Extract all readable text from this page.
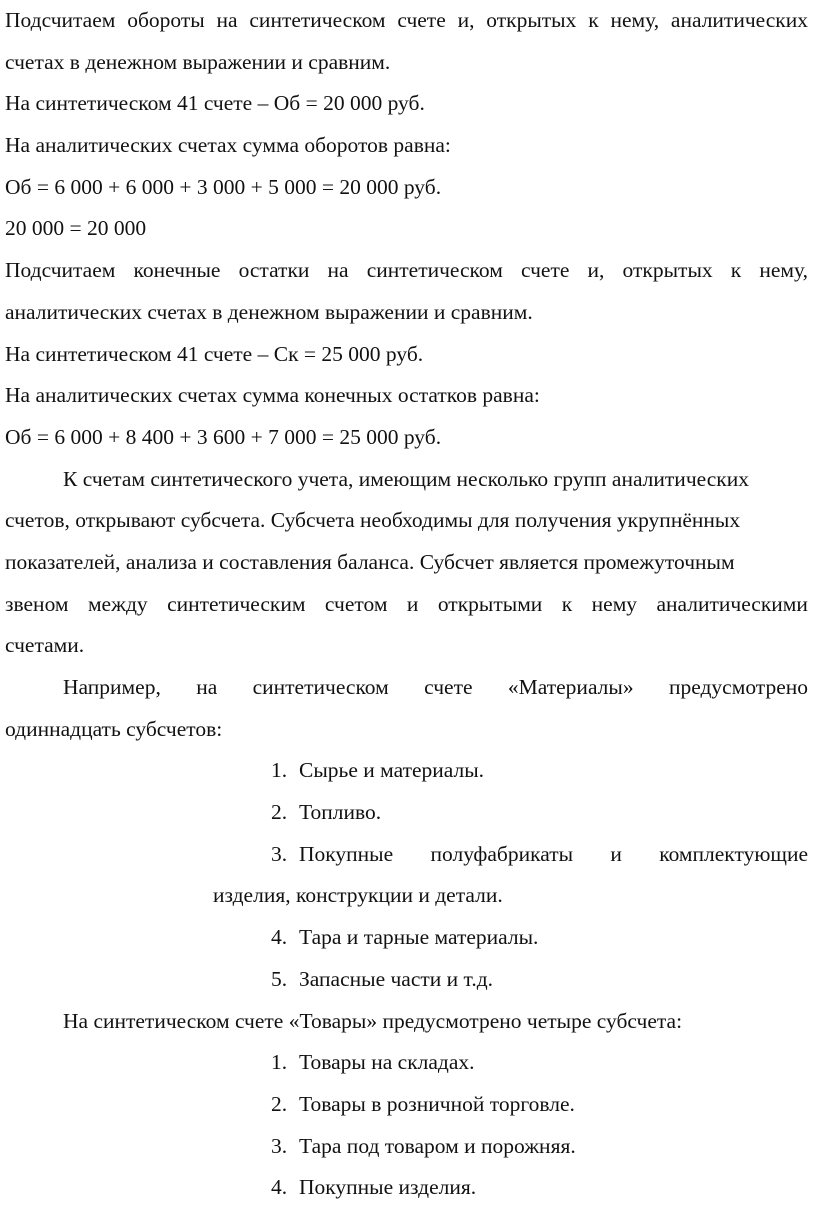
Подсчитаем обороты на синтетическом счете и, открытых к нему, аналитических
счетах в денежном выражении и сравним.
На синтетическом 41 счете – Об = 20 000 руб.
На аналитических счетах сумма оборотов равна:
Об = 6 000 + 6 000 + 3 000 + 5 000 = 20 000 руб.
20 000 = 20 000
Подсчитаем конечные остатки на синтетическом счете и, открытых к нему,
аналитических счетах в денежном выражении и сравним.
На синтетическом 41 счете – Ск = 25 000 руб.
На аналитических счетах сумма конечных остатков равна:
Об = 6 000 + 8 400 + 3 600 + 7 000 = 25 000 руб.
К счетам синтетического учета, имеющим несколько групп аналитических
счетов, открывают субсчета. Субсчета необходимы для получения укрупнённых
показателей, анализа и составления баланса. Субсчет является промежуточным
звеном между синтетическим счетом и открытыми к нему аналитическими
счетами.
Например, на синтетическом счете «Материалы» предусмотрено
одиннадцать субсчетов:
1. Сырье и материалы.
2. Топливо.
3. Покупные полуфабрикаты и комплектующие
изделия, конструкции и детали.
4. Тара и тарные материалы.
5. Запасные части и т.д.
На синтетическом счете «Товары» предусмотрено четыре субсчета:
1. Товары на складах.
2. Товары в розничной торговле.
3. Тара под товаром и порожняя.
4. Покупные изделия.
